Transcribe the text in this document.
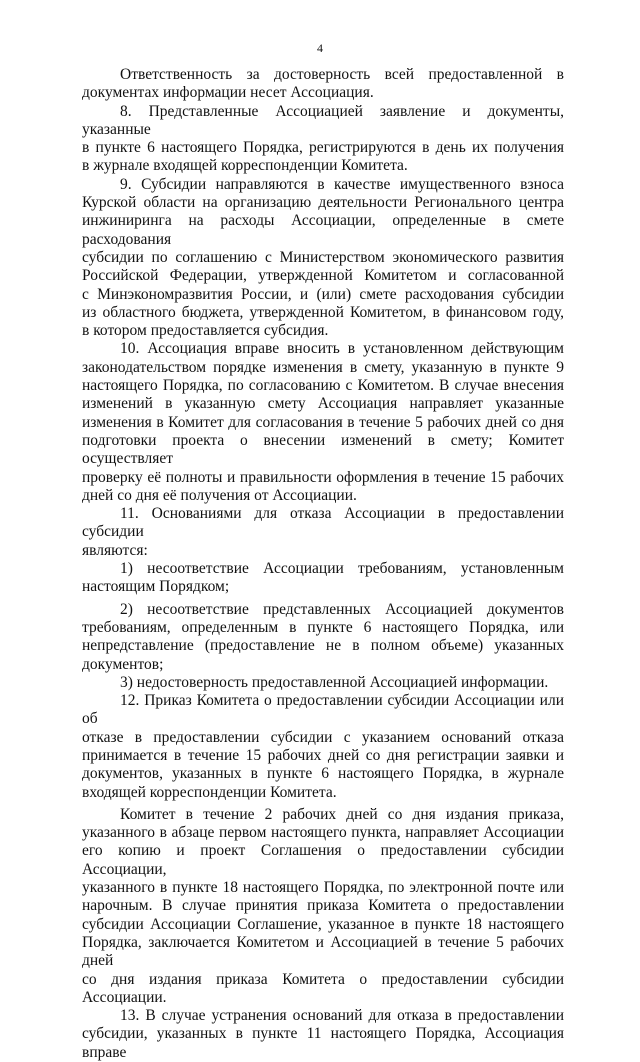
4

Ответственность за достоверность всей предоставленной в

документах информации несет Ассоциация.

8. Представленные Ассоциацией заявление и документы, указанные

в пункте 6 настоящего Порядка, регистрируются в день их получения

в журнале входящей корреспонденции Комитета.

9. Субсидии направляются в качестве имущественного взноса

Курской области на организацию деятельности Регионального центра

инжиниринга на расходы Ассоциации, определенные в смете расходования

субсидии по соглашению с Министерством экономического развития

Российской Федерации, утвержденной Комитетом и согласованной

с Минэкономразвития России, и (или) смете расходования субсидии

из областного бюджета, утвержденной Комитетом, в финансовом году,

в котором предоставляется субсидия.

10. Ассоциация вправе вносить в установленном действующим

законодательством порядке изменения в смету, указанную в пункте 9

настоящего Порядка, по согласованию с Комитетом. В случае внесения

изменений в указанную смету Ассоциация направляет указанные

изменения в Комитет для согласования в течение 5 рабочих дней со дня

подготовки проекта о внесении изменений в смету; Комитет осуществляет

проверку её полноты и правильности оформления в течение 15 рабочих

дней со дня её получения от Ассоциации.

11. Основаниями для отказа Ассоциации в предоставлении субсидии

являются:

1) несоответствие Ассоциации требованиям, установленным

настоящим Порядком;

2) несоответствие представленных Ассоциацией документов

требованиям, определенным в пункте 6 настоящего Порядка, или

непредставление (предоставление не в полном объеме) указанных

документов;

3) недостоверность предоставленной Ассоциацией информации.

12. Приказ Комитета о предоставлении субсидии Ассоциации или об

отказе в предоставлении субсидии с указанием оснований отказа

принимается в течение 15 рабочих дней со дня регистрации заявки и

документов, указанных в пункте 6 настоящего Порядка, в журнале

входящей корреспонденции Комитета.

Комитет в течение 2 рабочих дней со дня издания приказа,

указанного в абзаце первом настоящего пункта, направляет Ассоциации

его копию и проект Соглашения о предоставлении субсидии Ассоциации,

указанного в пункте 18 настоящего Порядка, по электронной почте или

нарочным. В случае принятия приказа Комитета о предоставлении

субсидии Ассоциации Соглашение, указанное в пункте 18 настоящего

Порядка, заключается Комитетом и Ассоциацией в течение 5 рабочих дней

со дня издания приказа Комитета о предоставлении субсидии Ассоциации.

13. В случае устранения оснований для отказа в предоставлении

субсидии, указанных в пункте 11 настоящего Порядка, Ассоциация вправе
